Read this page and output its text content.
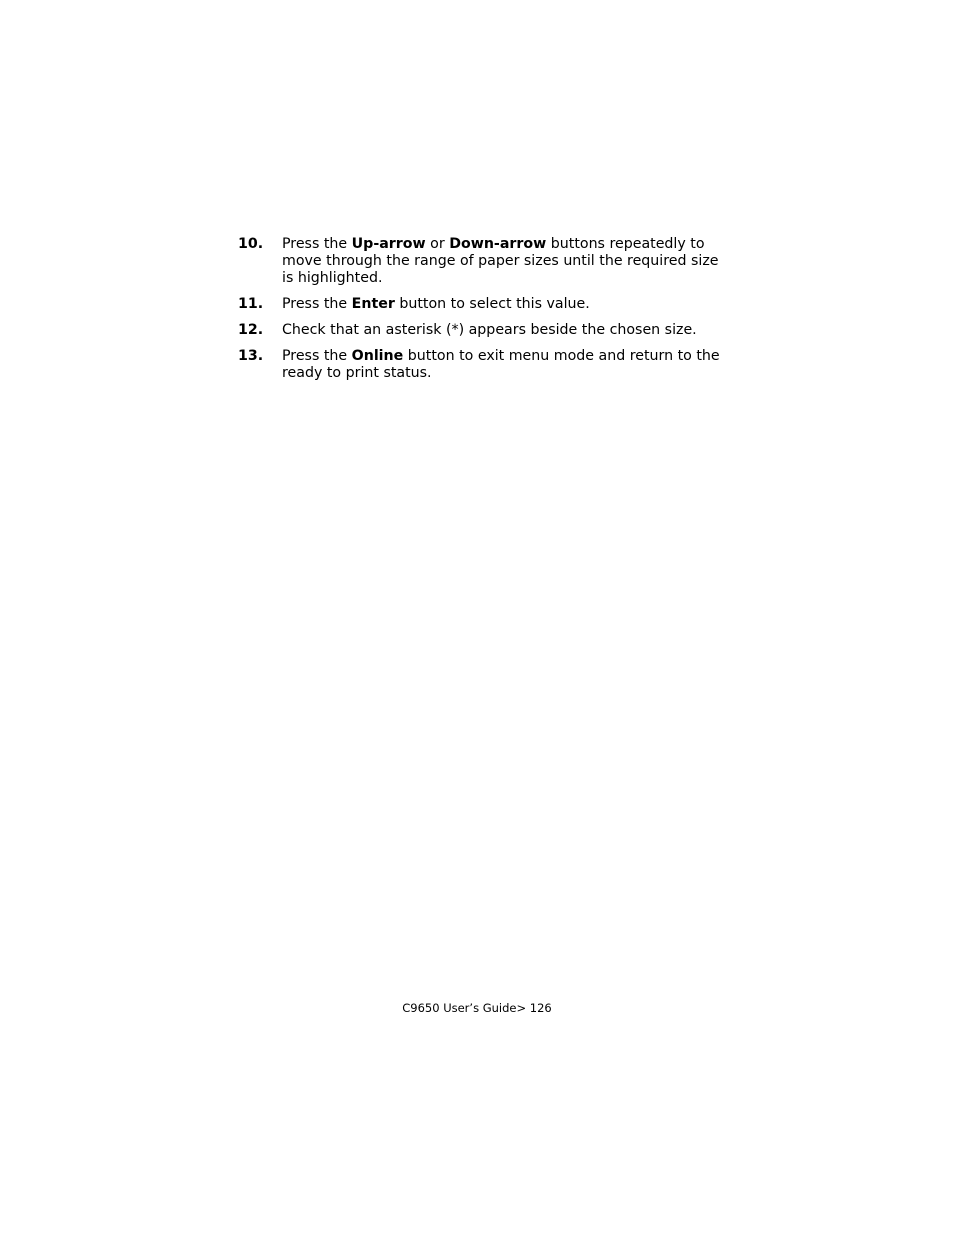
10. Press the Up-arrow or Down-arrow buttons repeatedly to move through the range of paper sizes until the required size is highlighted.
11. Press the Enter button to select this value.
12. Check that an asterisk (*) appears beside the chosen size.
13. Press the Online button to exit menu mode and return to the ready to print status.
C9650 User’s Guide> 126
